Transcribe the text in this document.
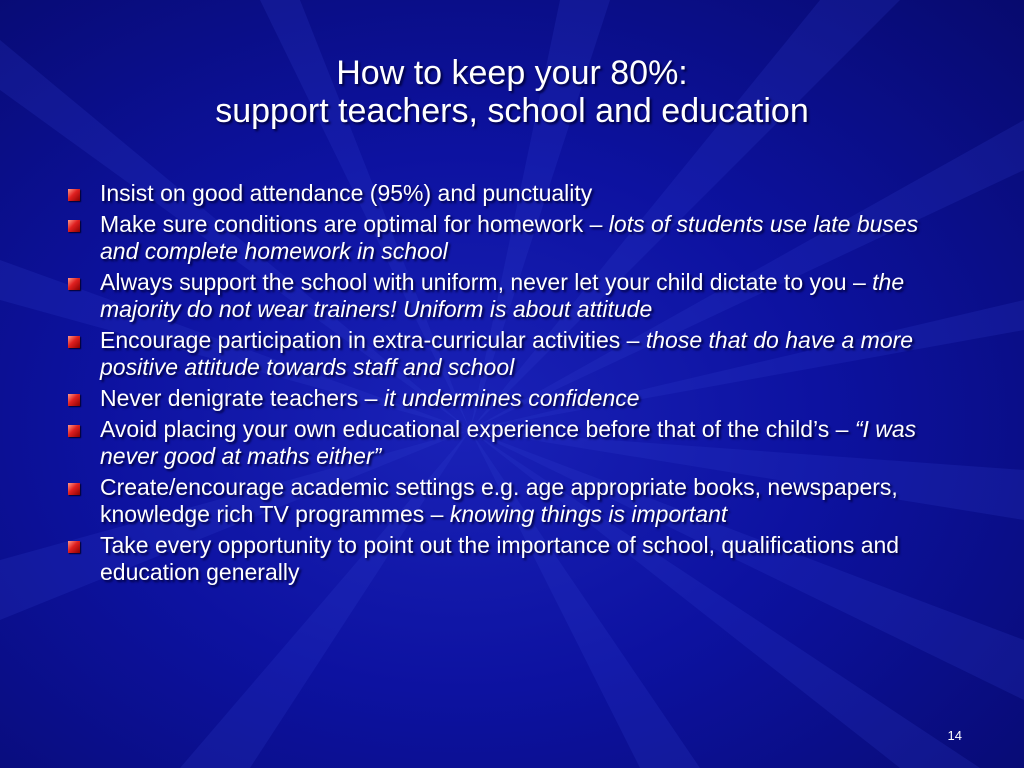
How to keep your 80%:
support teachers, school and education
Insist on good attendance (95%) and punctuality
Make sure conditions are optimal for homework – lots of students use late buses and complete homework in school
Always support the school with uniform, never let your child dictate to you – the majority do not wear trainers! Uniform is about attitude
Encourage participation in extra-curricular activities – those that do have a more positive attitude towards staff and school
Never denigrate teachers – it undermines confidence
Avoid placing your own educational experience before that of the child’s – “I was never good at maths either”
Create/encourage academic settings e.g. age appropriate books, newspapers, knowledge rich TV programmes – knowing things is important
Take every opportunity to point out the importance of school, qualifications and education generally
14
